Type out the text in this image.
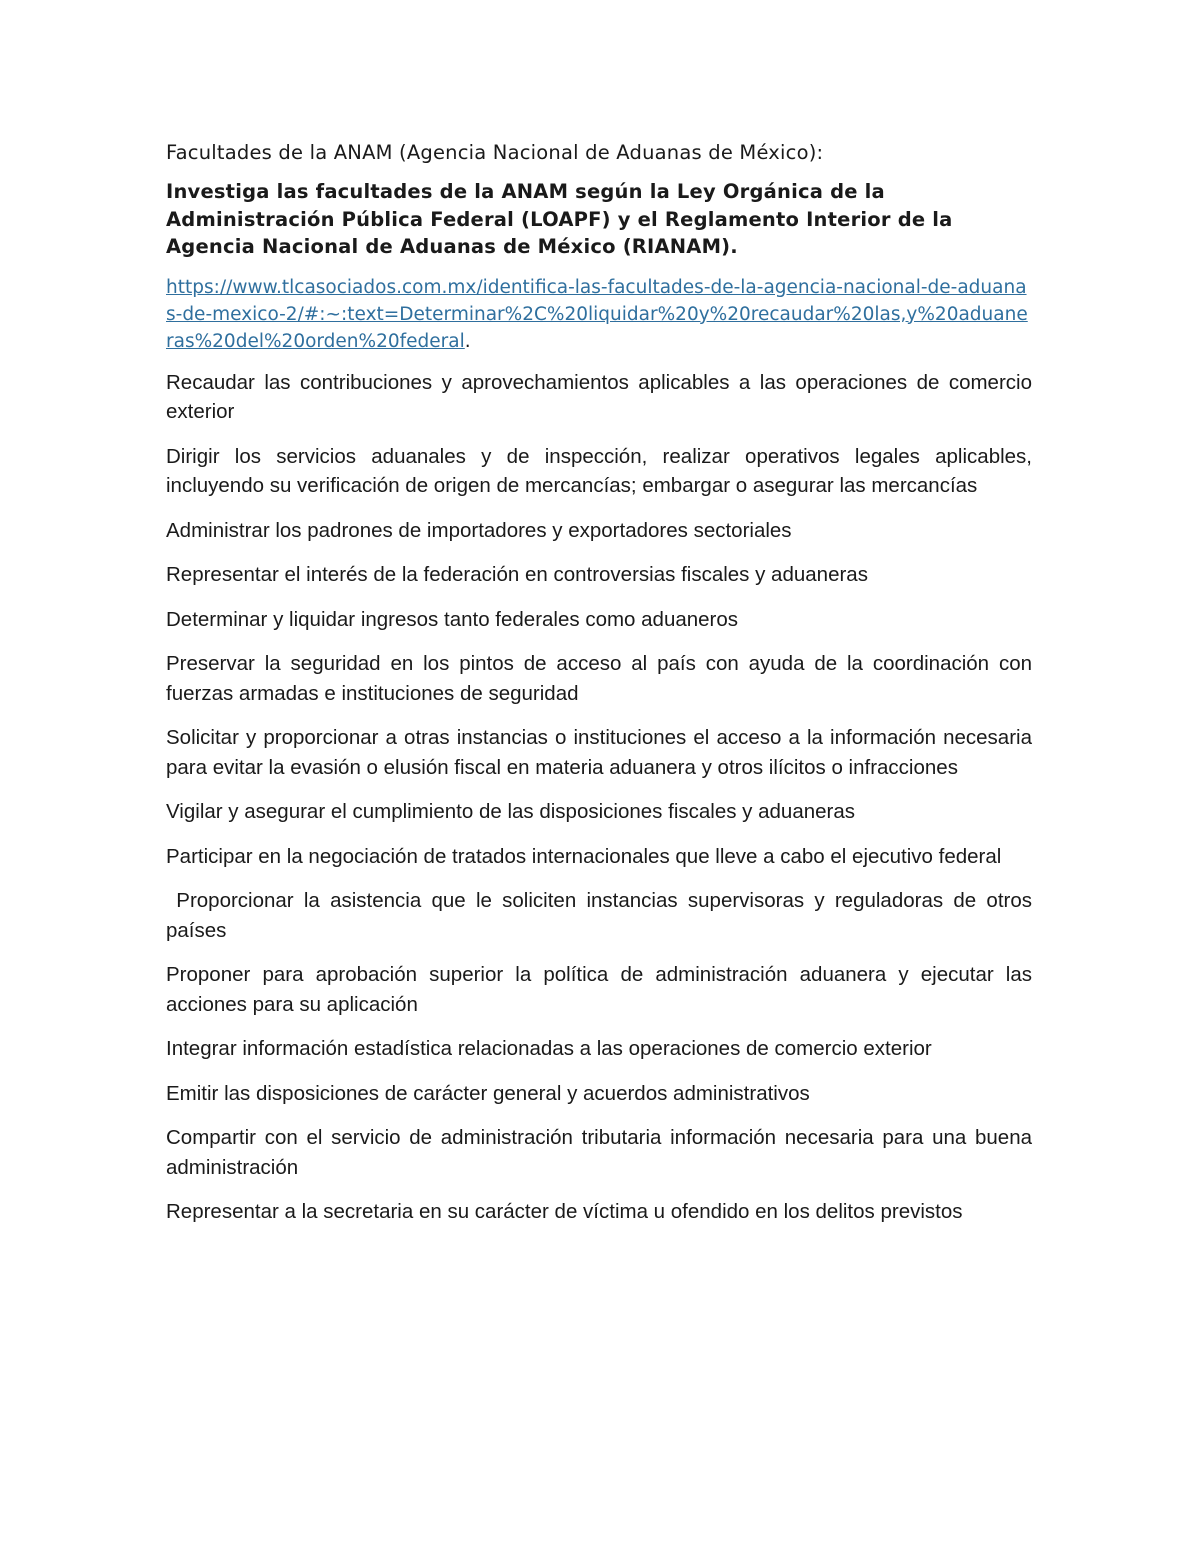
Facultades de la ANAM (Agencia Nacional de Aduanas de México):

Investiga las facultades de la ANAM según la Ley Orgánica de la Administración Pública Federal (LOAPF) y el Reglamento Interior de la Agencia Nacional de Aduanas de México (RIANAM).

https://www.tlcasociados.com.mx/identifica-las-facultades-de-la-agencia-nacional-de-aduanas-de-mexico-2/#:~:text=Determinar%2C%20liquidar%20y%20recaudar%20las,y%20aduaneras%20del%20orden%20federal.

Recaudar las contribuciones y aprovechamientos aplicables a las operaciones de comercio exterior

Dirigir los servicios aduanales y de inspección, realizar operativos legales aplicables, incluyendo su verificación de origen de mercancías; embargar o asegurar las mercancías

Administrar los padrones de importadores y exportadores sectoriales

Representar el interés de la federación en controversias fiscales y aduaneras

Determinar y liquidar ingresos tanto federales como aduaneros

Preservar la seguridad en los pintos de acceso al país con ayuda de la coordinación con fuerzas armadas e instituciones de seguridad

Solicitar y proporcionar a otras instancias o instituciones el acceso a la información necesaria para evitar la evasión o elusión fiscal en materia aduanera y otros ilícitos o infracciones

Vigilar y asegurar el cumplimiento de las disposiciones fiscales y aduaneras

Participar en la negociación de tratados internacionales que lleve a cabo el ejecutivo federal

Proporcionar la asistencia que le soliciten instancias supervisoras y reguladoras de otros países

Proponer para aprobación superior la política de administración aduanera y ejecutar las acciones para su aplicación

Integrar información estadística relacionadas a las operaciones de comercio exterior

Emitir las disposiciones de carácter general y acuerdos administrativos

Compartir con el servicio de administración tributaria información necesaria para una buena administración

Representar a la secretaria en su carácter de víctima u ofendido en los delitos previstos
